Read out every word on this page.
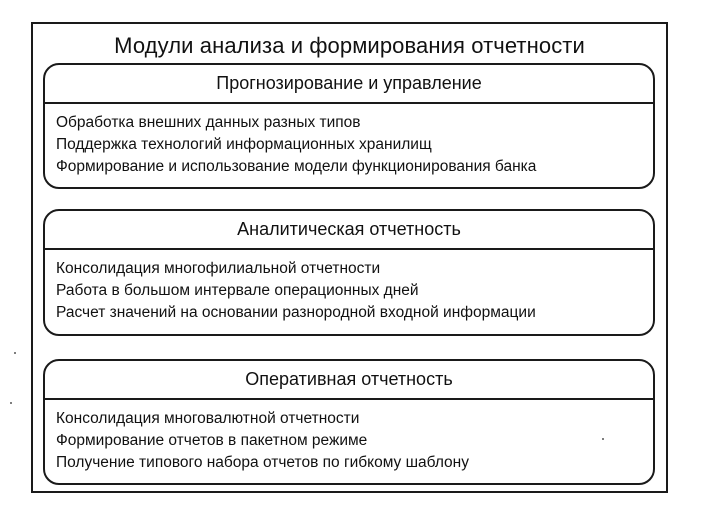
Модули анализа и формирования отчетности
Прогнозирование и управление
Обработка внешних данных разных типов
Поддержка технологий информационных хранилищ
Формирование и использование модели функционирования банка
Аналитическая отчетность
Консолидация многофилиальной отчетности
Работа в большом интервале операционных дней
Расчет значений на основании разнородной входной информации
Оперативная отчетность
Консолидация многовалютной отчетности
Формирование отчетов в пакетном режиме
Получение типового набора отчетов по гибкому шаблону
